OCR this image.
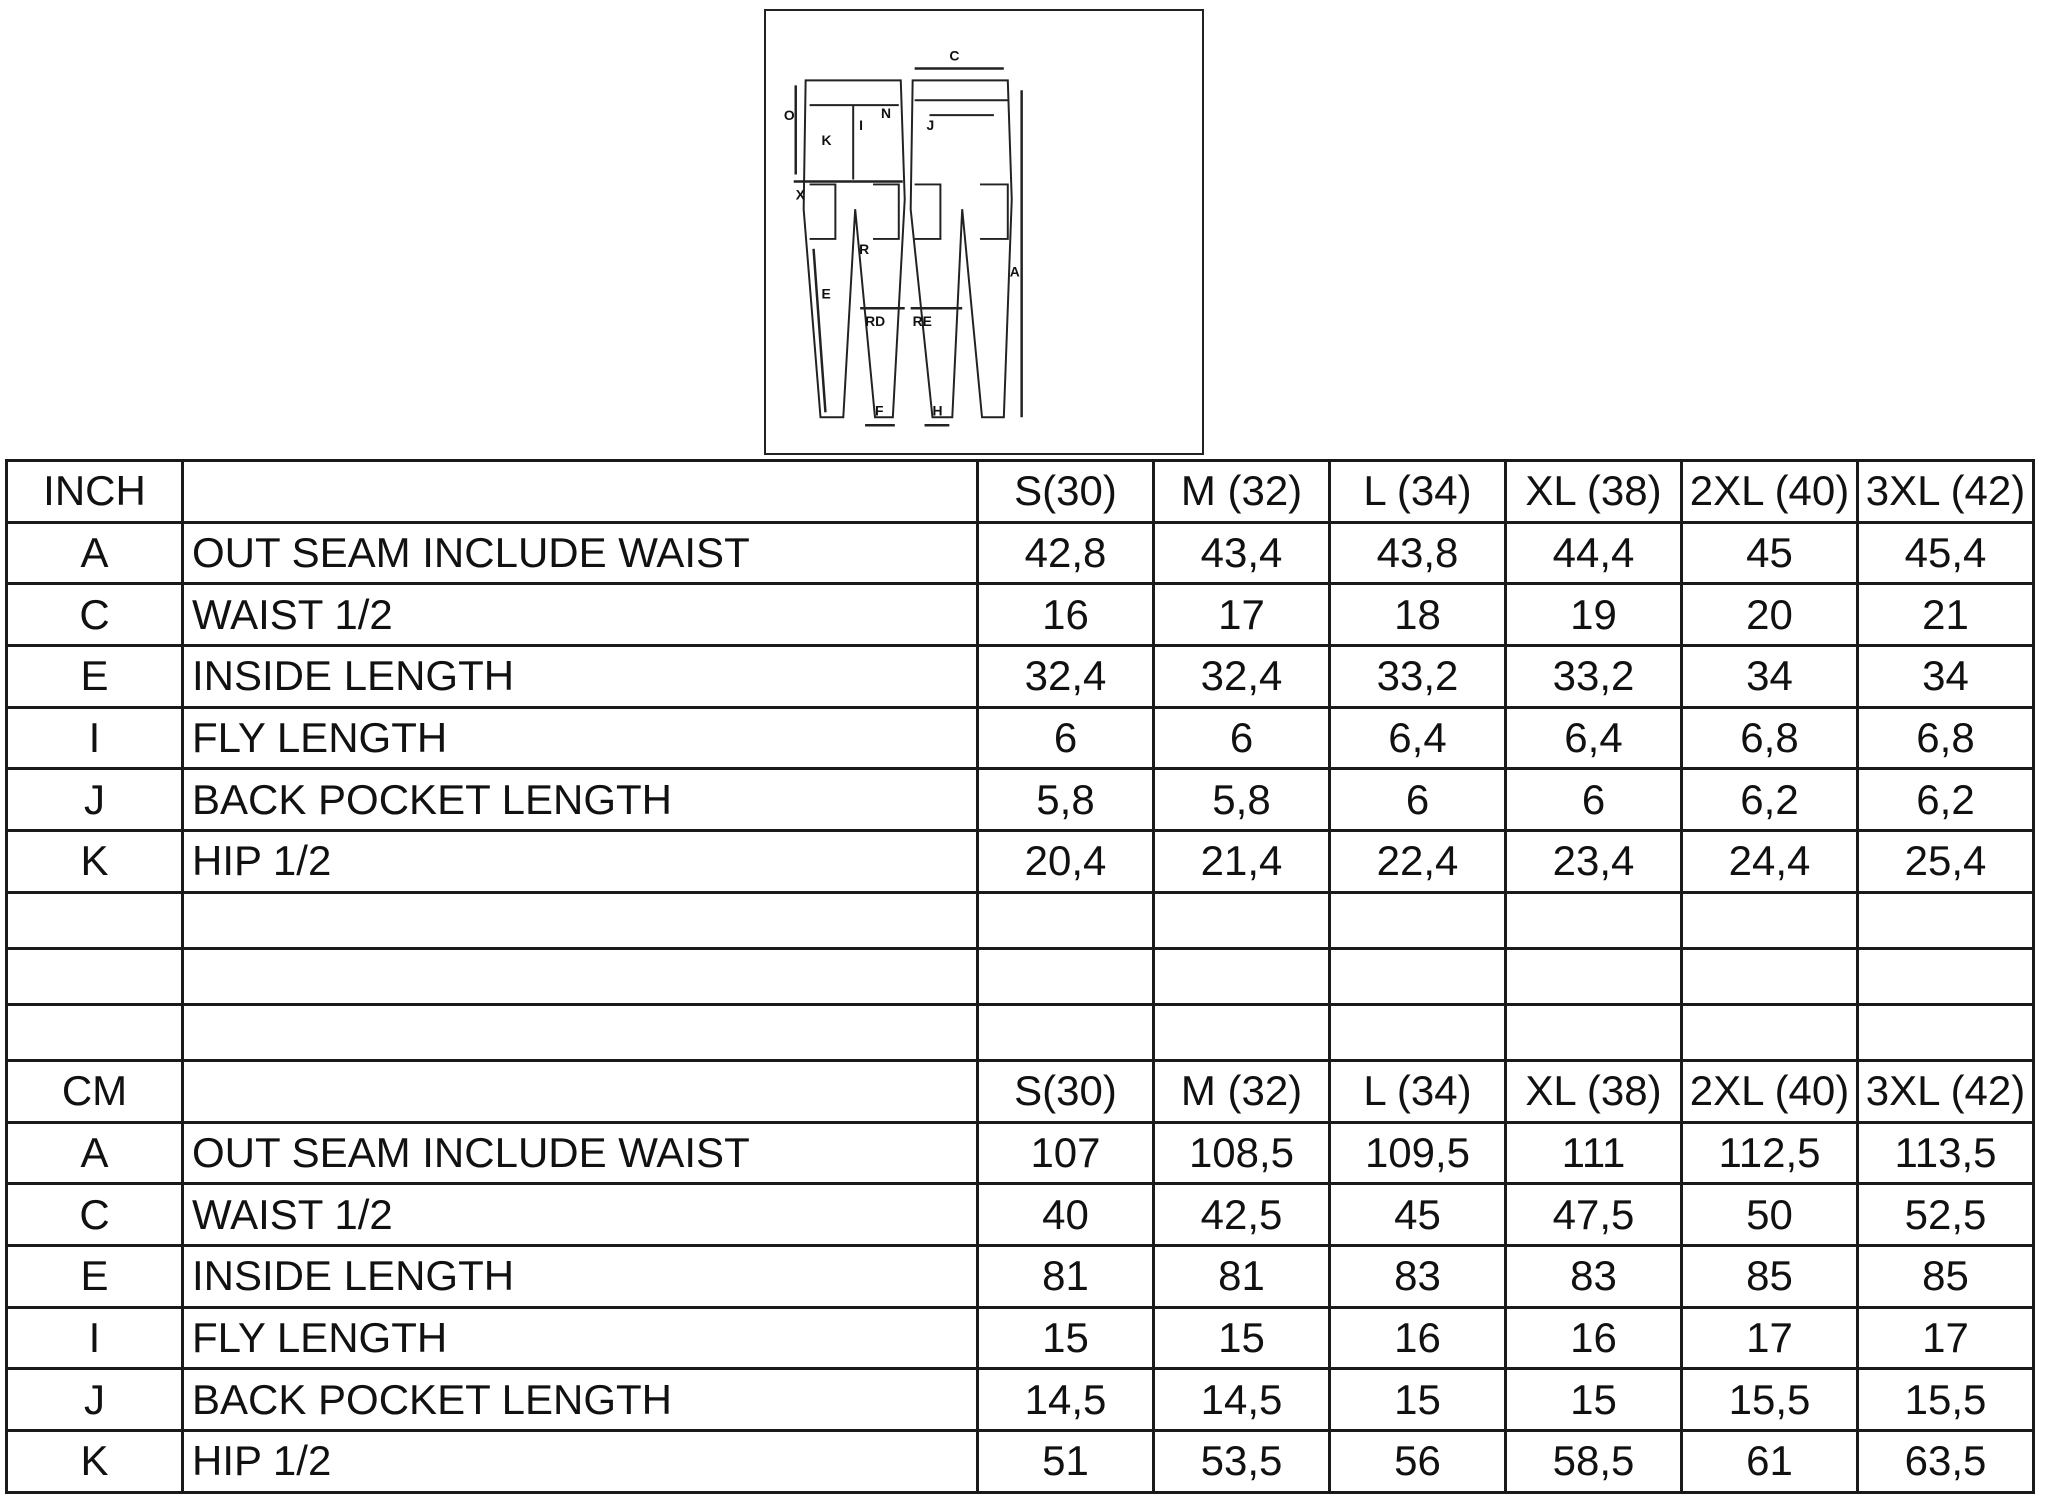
C
O
K
I
N
J
X
R
E
RD RE
A
F	H
INCH		S(30)	M (32)	L (34)	XL (38)	2XL (40)	3XL (42)
A	OUT SEAM INCLUDE WAIST	42,8	43,4	43,8	44,4	45	45,4
C	WAIST 1/2	16	17	18	19	20	21
E	INSIDE LENGTH	32,4	32,4	33,2	33,2	34	34
I	FLY LENGTH	6	6	6,4	6,4	6,8	6,8
J	BACK POCKET LENGTH	5,8	5,8	6	6	6,2	6,2
K	HIP 1/2	20,4	21,4	22,4	23,4	24,4	25,4

CM		S(30)	M (32)	L (34)	XL (38)	2XL (40)	3XL (42)
A	OUT SEAM INCLUDE WAIST	107	108,5	109,5	111	112,5	113,5
C	WAIST 1/2	40	42,5	45	47,5	50	52,5
E	INSIDE LENGTH	81	81	83	83	85	85
I	FLY LENGTH	15	15	16	16	17	17
J	BACK POCKET LENGTH	14,5	14,5	15	15	15,5	15,5
K	HIP 1/2	51	53,5	56	58,5	61	63,5
